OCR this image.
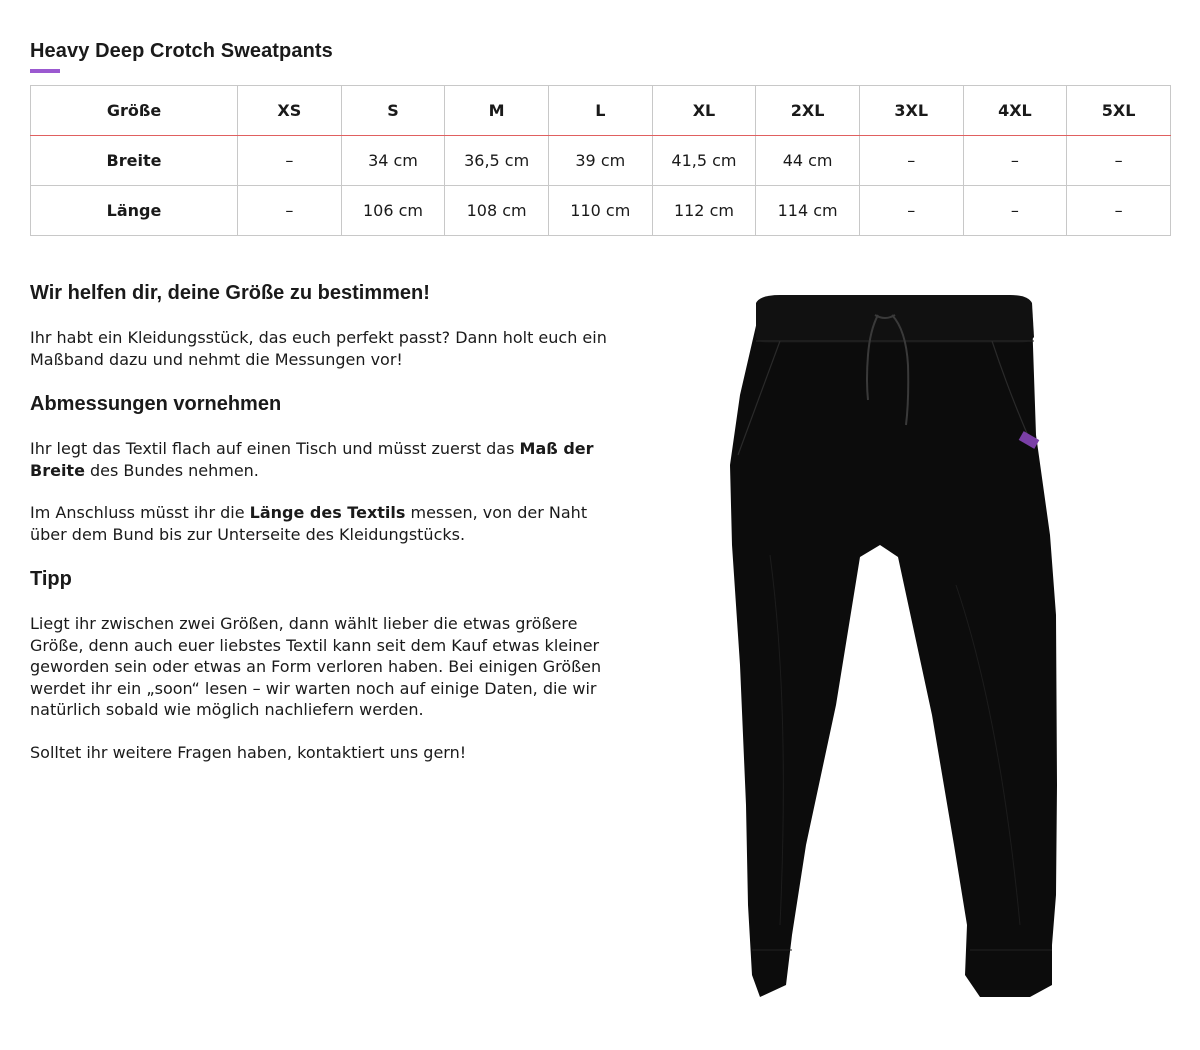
Heavy Deep Crotch Sweatpants
Größe	XS	S	M	L	XL	2XL	3XL	4XL	5XL
Breite	–	34 cm	36,5 cm	39 cm	41,5 cm	44 cm	–	–	–
Länge	–	106 cm	108 cm	110 cm	112 cm	114 cm	–	–	–
Wir helfen dir, deine Größe zu bestimmen!

Ihr habt ein Kleidungsstück, das euch perfekt passt? Dann holt euch ein Maßband dazu und nehmt die Messungen vor!

Abmessungen vornehmen

Ihr legt das Textil flach auf einen Tisch und müsst zuerst das Maß der Breite des Bundes nehmen.

Im Anschluss müsst ihr die Länge des Textils messen, von der Naht über dem Bund bis zur Unterseite des Kleidungstücks.

Tipp

Liegt ihr zwischen zwei Größen, dann wählt lieber die etwas größere Größe, denn auch euer liebstes Textil kann seit dem Kauf etwas kleiner geworden sein oder etwas an Form verloren haben. Bei einigen Größen werdet ihr ein „soon“ lesen – wir warten noch auf einige Daten, die wir natürlich sobald wie möglich nachliefern werden.

Solltet ihr weitere Fragen haben, kontaktiert uns gern!
